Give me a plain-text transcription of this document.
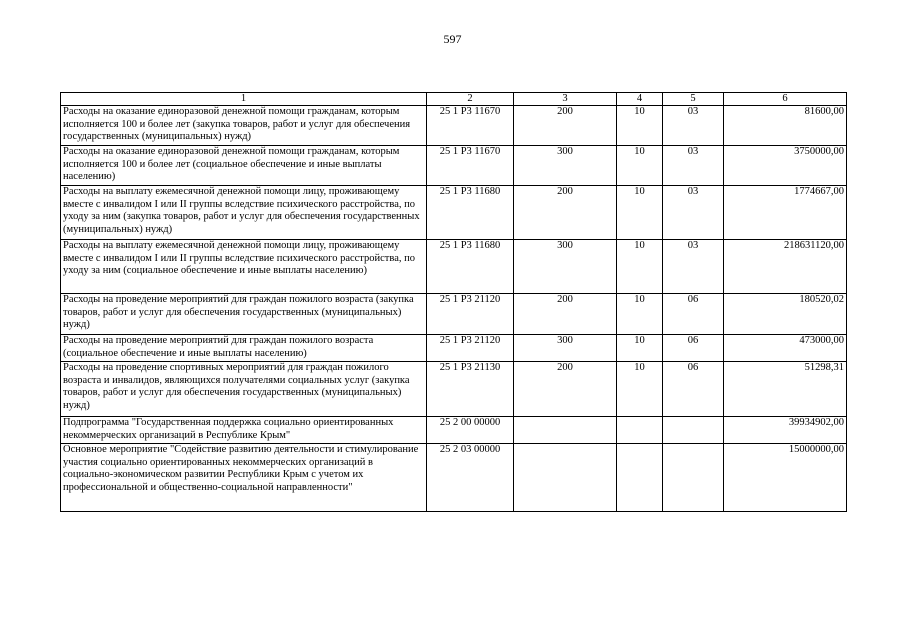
597
1	2	3	4	5	6
Расходы на оказание единоразовой денежной помощи гражданам, которым исполняется 100 и более лет (закупка товаров, работ и услуг для обеспечения государственных (муниципальных) нужд)	25 1 Р3 11670	200	10	03	81600,00
Расходы на оказание единоразовой денежной помощи гражданам, которым исполняется 100 и более лет (социальное обеспечение и иные выплаты населению)	25 1 Р3 11670	300	10	03	3750000,00
Расходы на выплату ежемесячной денежной помощи лицу, проживающему вместе с инвалидом I или II группы вследствие психического расстройства, по уходу за ним (закупка товаров, работ и услуг для обеспечения государственных (муниципальных) нужд)	25 1 Р3 11680	200	10	03	1774667,00
Расходы на выплату ежемесячной денежной помощи лицу, проживающему вместе с инвалидом I или II группы вследствие психического расстройства, по уходу за ним (социальное обеспечение и иные выплаты населению)	25 1 Р3 11680	300	10	03	218631120,00
Расходы на проведение мероприятий для граждан пожилого возраста (закупка товаров, работ и услуг для обеспечения государственных (муниципальных) нужд)	25 1 Р3 21120	200	10	06	180520,02
Расходы на проведение мероприятий для граждан пожилого возраста (социальное обеспечение и иные выплаты населению)	25 1 Р3 21120	300	10	06	473000,00
Расходы на проведение спортивных мероприятий для граждан пожилого возраста и инвалидов, являющихся получателями социальных услуг (закупка товаров, работ и услуг для обеспечения государственных (муниципальных) нужд)	25 1 Р3 21130	200	10	06	51298,31
Подпрограмма "Государственная поддержка социально ориентированных некоммерческих организаций в Республике Крым"	25 2 00 00000				39934902,00
Основное мероприятие "Содействие развитию деятельности и стимулирование участия социально ориентированных некоммерческих организаций в социально-экономическом развитии Республики Крым с учетом их профессиональной и общественно-социальной направленности"	25 2 03 00000				15000000,00
